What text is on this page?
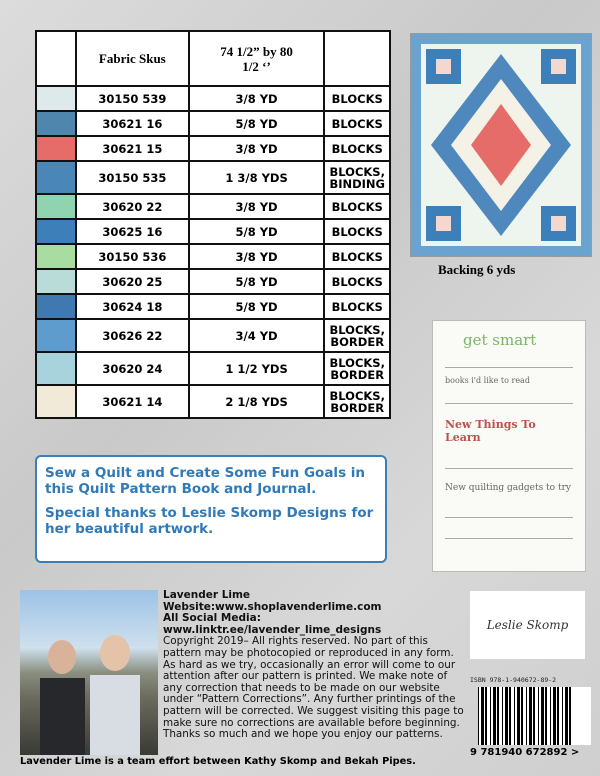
	Fabric Skus	74 1/2” by 80 1/2 ‘’	

	30150 539	3/8 YD	BLOCKS

	30621 16	5/8 YD	BLOCKS

	30621 15	3/8 YD	BLOCKS

	30150 535	1 3/8 YDS	BLOCKS, BINDING

	30620 22	3/8 YD	BLOCKS

	30625 16	5/8 YD	BLOCKS

	30150 536	3/8 YD	BLOCKS

	30620 25	5/8 YD	BLOCKS

	30624 18	5/8 YD	BLOCKS

	30626 22	3/4 YD	BLOCKS, BORDER

	30620 24	1 1/2 YDS	BLOCKS, BORDER

	30621 14	2 1/8 YDS	BLOCKS, BORDER
Backing 6 yds
get smart
books i'd like to read
New Things To Learn
New quilting gadgets to try

Sew a Quilt and Create Some Fun Goals in this Quilt Pattern Book and Journal.

Special thanks to Leslie Skomp Designs for her beautiful artwork.

Lavender Lime Website:www.shoplavenderlime.com
All Social Media: www.linktr.ee/lavender_lime_designs
Copyright 2019– All rights reserved. No part of this pattern may be photocopied or reproduced in any form. As hard as we try, occasionally an error will come to our attention after our pattern is printed. We make note of any correction that needs to be made on our website under “Pattern Corrections”. Any further printings of the pattern will be corrected. We suggest visiting this page to make sure no corrections are available before beginning. Thanks so much and we hope you enjoy our patterns.
Lavender Lime is a team effort between Kathy Skomp and Bekah Pipes.
Leslie Skomp
ISBN 978-1-940672-89-2
9 781940 672892 >
